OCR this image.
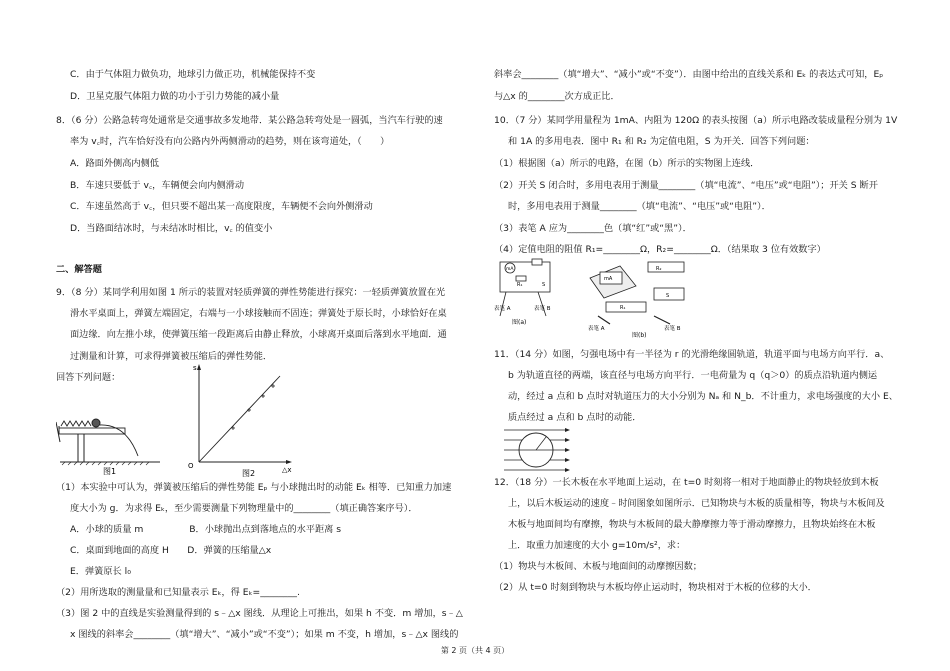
C．由于气体阻力做负功，地球引力做正功，机械能保持不变
D．卫星克服气体阻力做的功小于引力势能的减小量
8．（6 分）公路急转弯处通常是交通事故多发地带．某公路急转弯处是一圆弧，当汽车行驶的速
率为 v꜀时，汽车恰好没有向公路内外两侧滑动的趋势，则在该弯道处，（　　）
A．路面外侧高内侧低
B．车速只要低于 v꜀，车辆便会向内侧滑动
C．车速虽然高于 v꜀，但只要不超出某一高度限度，车辆便不会向外侧滑动
D．当路面结冰时，与未结冰时相比，v꜀ 的值变小
二、解答题
9．（8 分）某同学利用如图 1 所示的装置对轻质弹簧的弹性势能进行探究：一轻质弹簧放置在光
滑水平桌面上，弹簧左端固定，右端与一小球接触而不固连；弹簧处于原长时，小球恰好在桌
面边缘．向左推小球，使弹簧压缩一段距离后由静止释放，小球离开桌面后落到水平地面．通
过测量和计算，可求得弹簧被压缩后的弹性势能．
回答下列问题：
图1
s
O	△x
图2
（1）本实验中可认为，弹簧被压缩后的弹性势能 Eₚ 与小球抛出时的动能 Eₖ 相等．已知重力加速
度大小为 g．为求得 Eₖ，至少需要测量下列物理量中的________（填正确答案序号）．
A．小球的质量 m　　　　　B．小球抛出点到落地点的水平距离 s
C．桌面到地面的高度 H　　D．弹簧的压缩量△x
E．弹簧原长 l₀
（2）用所选取的测量量和已知量表示 Eₖ，得 Eₖ=________.
（3）图 2 中的直线是实验测量得到的 s﹣△x 图线．从理论上可推出，如果 h 不变．m 增加，s﹣△
x 图线的斜率会________（填“增大”、“减小”或“不变”）；如果 m 不变，h 增加，s﹣△x 图线的
斜率会________（填“增大”、“减小”或“不变”）．由图中给出的直线关系和 Eₖ 的表达式可知，Eₚ
与△x 的________次方成正比．
10．（7 分）某同学用量程为 1mA、内阻为 120Ω 的表头按图（a）所示电路改装成量程分别为 1V
和 1A 的多用电表．图中 R₁ 和 R₂ 为定值电阻，S 为开关．回答下列问题：
（1）根据图（a）所示的电路，在图（b）所示的实物图上连线．
（2）开关 S 闭合时，多用电表用于测量________（填“电流”、“电压”或“电阻”）；开关 S 断开
时，多用电表用于测量________（填“电流”、“电压”或“电阻”）．
（3）表笔 A 应为________色（填“红”或“黑”）．
（4）定值电阻的阻值 R₁=________Ω，R₂=________Ω．（结果取 3 位有效数字）
mA
R₁	S
表笔 A	表笔 B
图(a)
mA
R₂
R₁
S
表笔 A	表笔 B
图(b)
11．（14 分）如图，匀强电场中有一半径为 r 的光滑绝缘圆轨道，轨道平面与电场方向平行．a、
b 为轨道直径的两端，该直径与电场方向平行．一电荷量为 q（q＞0）的质点沿轨道内侧运
动，经过 a 点和 b 点时对轨道压力的大小分别为 Nₐ 和 N_b．不计重力，求电场强度的大小 E、
质点经过 a 点和 b 点时的动能．
12．（18 分）一长木板在水平地面上运动，在 t=0 时刻将一相对于地面静止的物块轻放到木板
上，以后木板运动的速度﹣时间图象如图所示．已知物块与木板的质量相等，物块与木板间及
木板与地面间均有摩擦，物块与木板间的最大静摩擦力等于滑动摩擦力，且物块始终在木板
上．取重力加速度的大小 g=10m/s²，求：
（1）物块与木板间、木板与地面间的动摩擦因数；
（2）从 t=0 时刻到物块与木板均停止运动时，物块相对于木板的位移的大小．
第 2 页（共 4 页）
